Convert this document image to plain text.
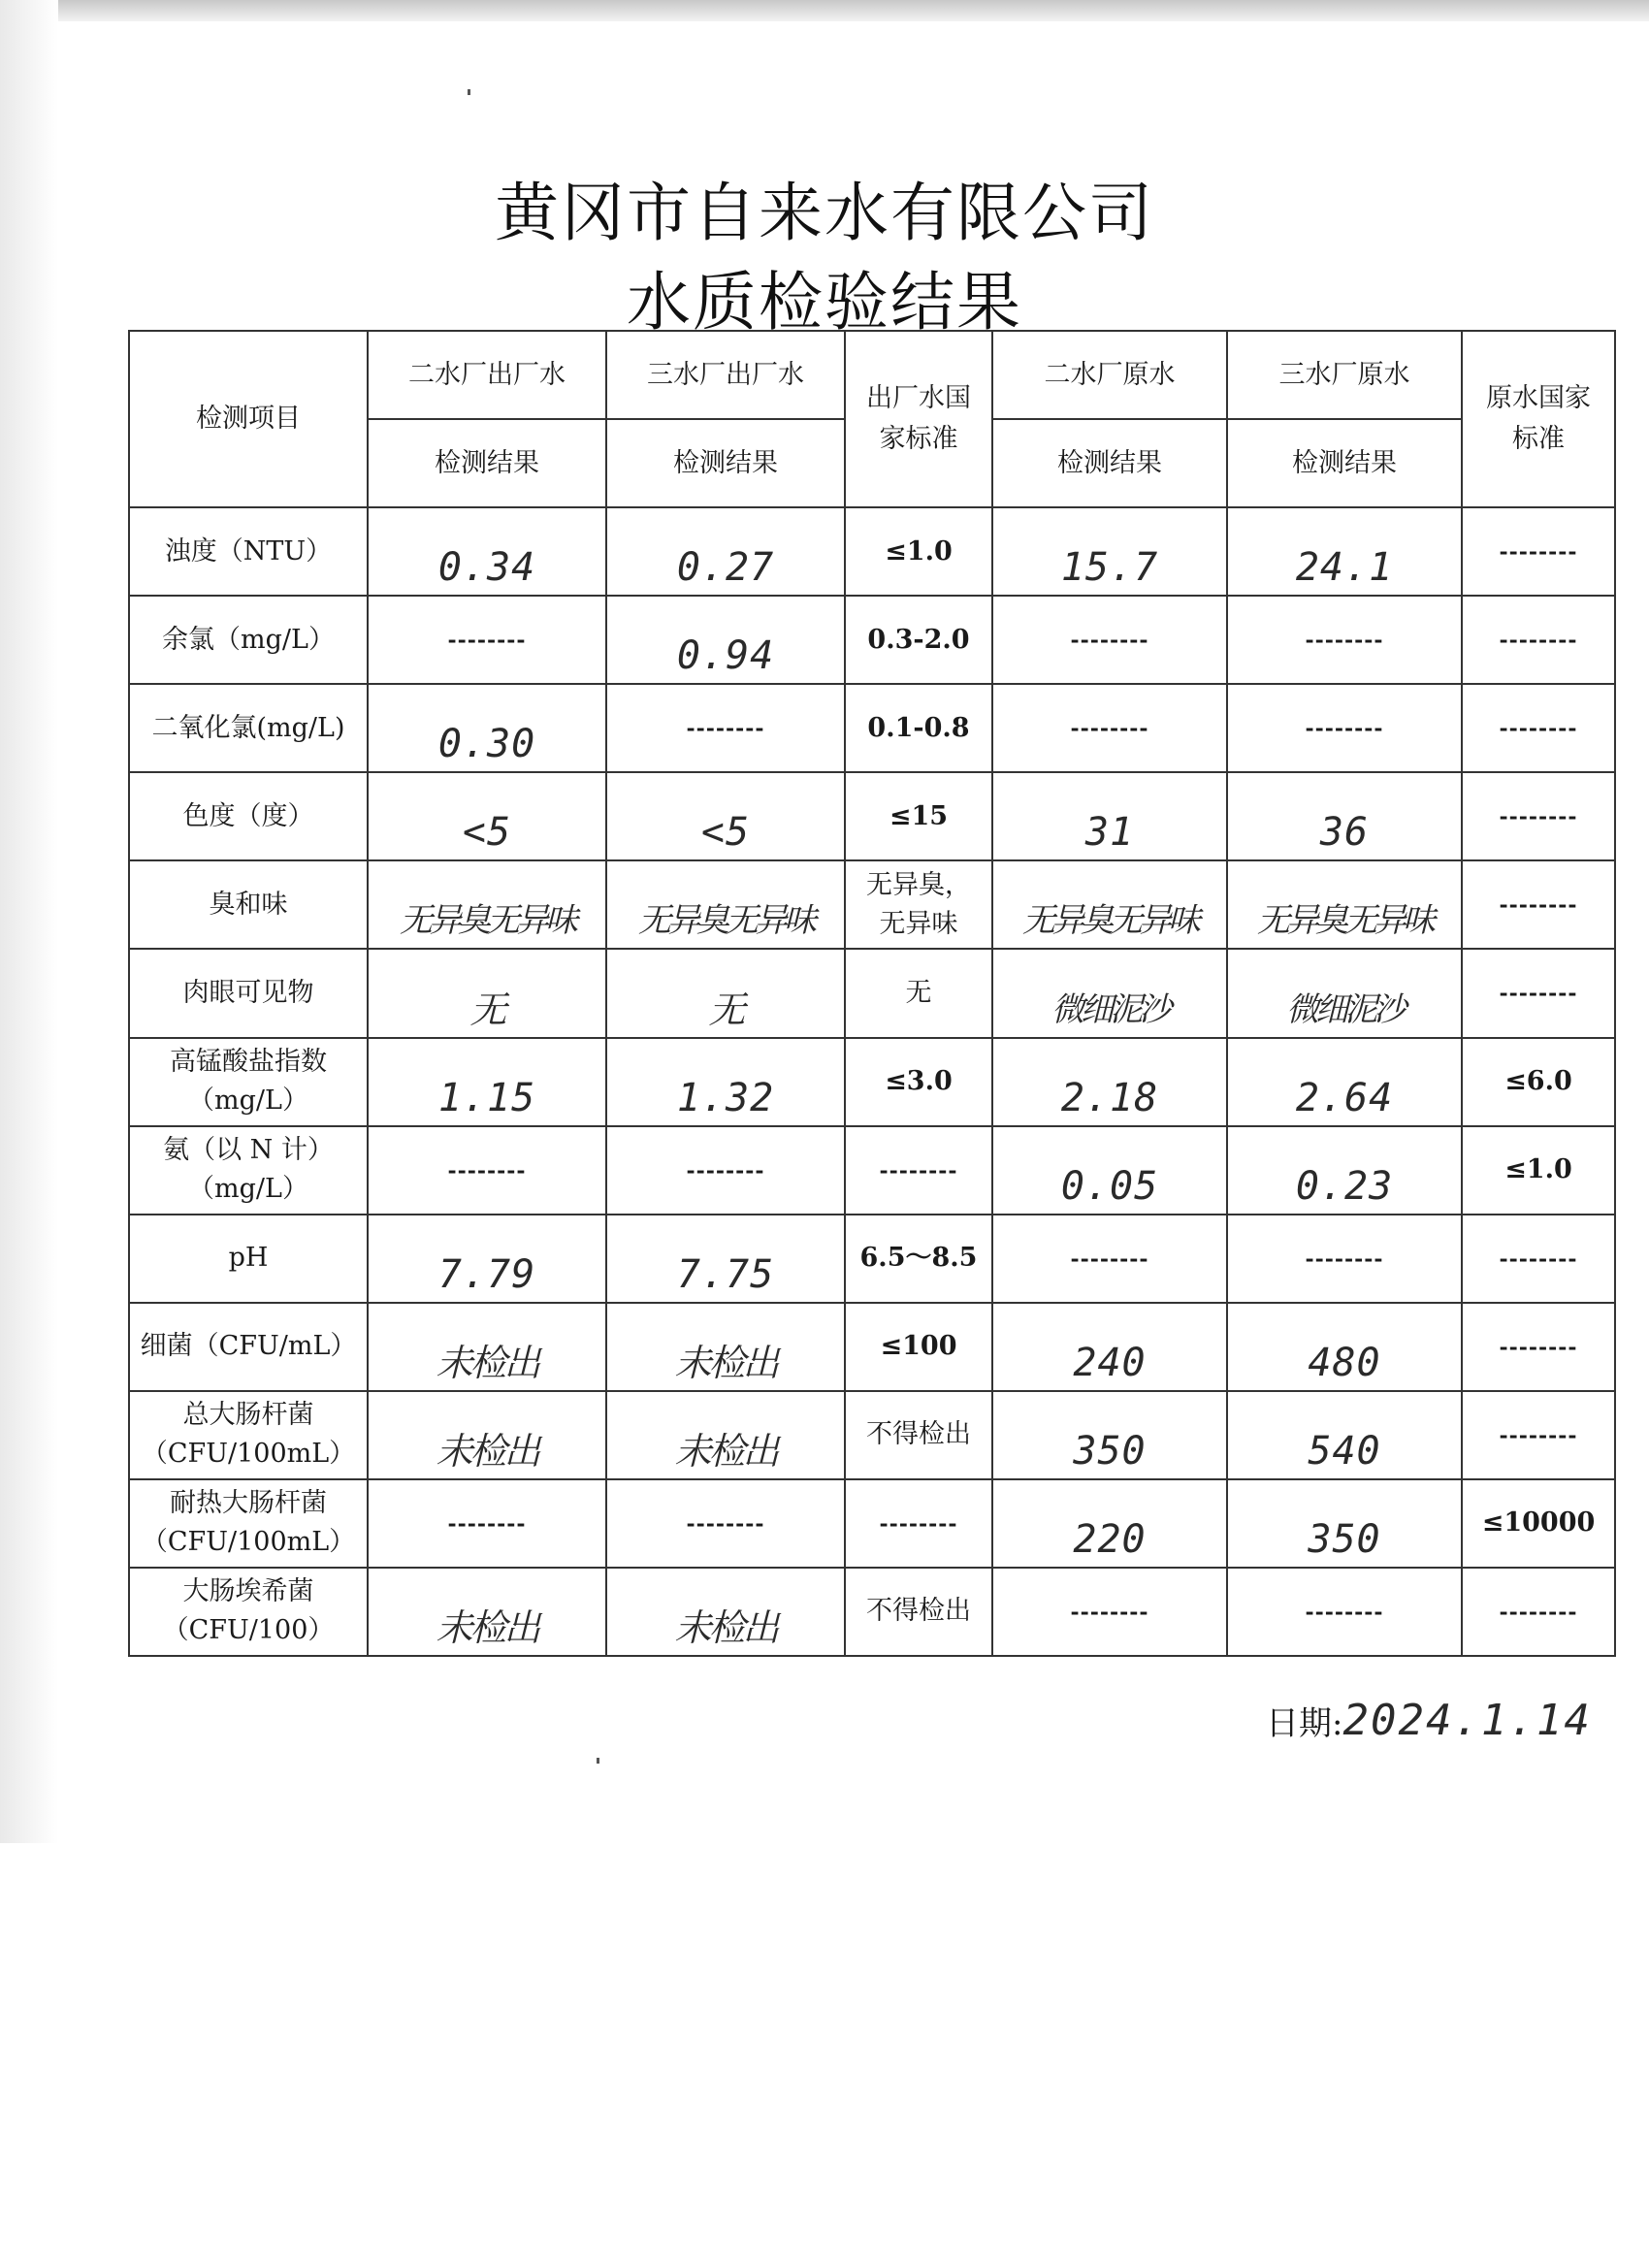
黄冈市自来水有限公司
水质检验结果
检测项目	二水厂出厂水	三水厂出厂水	出厂水国家标准	二水厂原水	三水厂原水	原水国家标准
	检测结果	检测结果		检测结果	检测结果	

浊度（NTU）	0.34	0.27	≤1.0	15.7	24.1	--------

余氯（mg/L）	--------	0.94	0.3-2.0	--------	--------	--------

二氧化氯(mg/L)	0.30	--------	0.1-0.8	--------	--------	--------

色度（度）	<5	<5	≤15	31	36	--------

臭和味	无异臭无异味	无异臭无异味	无异臭，
无异味	无异臭无异味	无异臭无异味	--------

肉眼可见物	无	无	无	微细泥沙	微细泥沙	--------

高锰酸盐指数
（mg/L）	1.15	1.32	≤3.0	2.18	2.64	≤6.0

氨（以 N 计）
（mg/L）	--------	--------	--------	0.05	0.23	≤1.0

pH	7.79	7.75	6.5～8.5	--------	--------	--------

细菌（CFU/mL）	未检出	未检出	≤100	240	480	--------

总大肠杆菌
（CFU/100mL）	未检出	未检出	不得检出	350	540	--------

耐热大肠杆菌
（CFU/100mL）	--------	--------	--------	220	350	≤10000

大肠埃希菌
（CFU/100）	未检出	未检出	不得检出	--------	--------	--------
日期:2024.1.14
